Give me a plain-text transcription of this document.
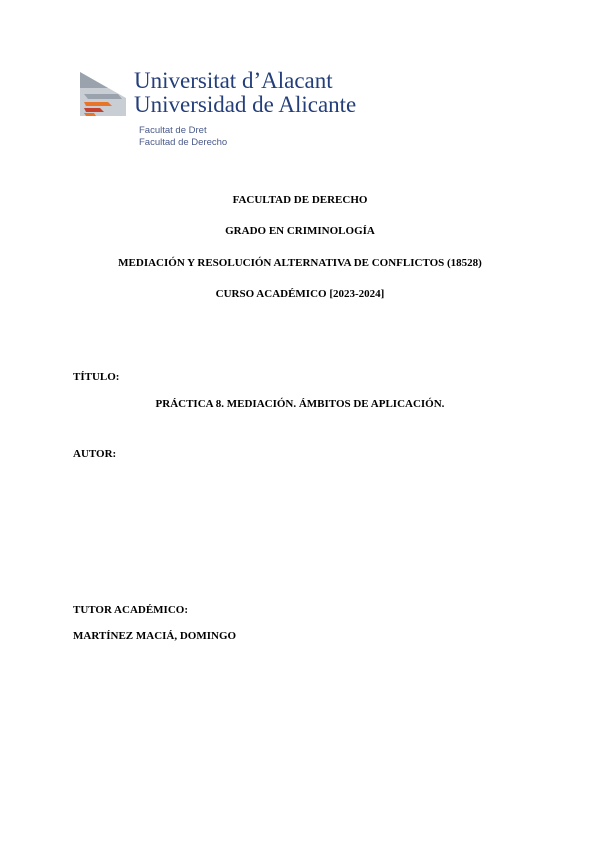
Universitat d’Alacant
Universidad de Alicante
Facultat de Dret
Facultad de Derecho
FACULTAD DE DERECHO
GRADO EN CRIMINOLOGÍA
MEDIACIÓN Y RESOLUCIÓN ALTERNATIVA DE CONFLICTOS (18528)
CURSO ACADÉMICO [2023-2024]
TÍTULO:
PRÁCTICA 8. MEDIACIÓN. ÁMBITOS DE APLICACIÓN.
AUTOR:
TUTOR ACADÉMICO:
MARTÍNEZ MACIÁ, DOMINGO
